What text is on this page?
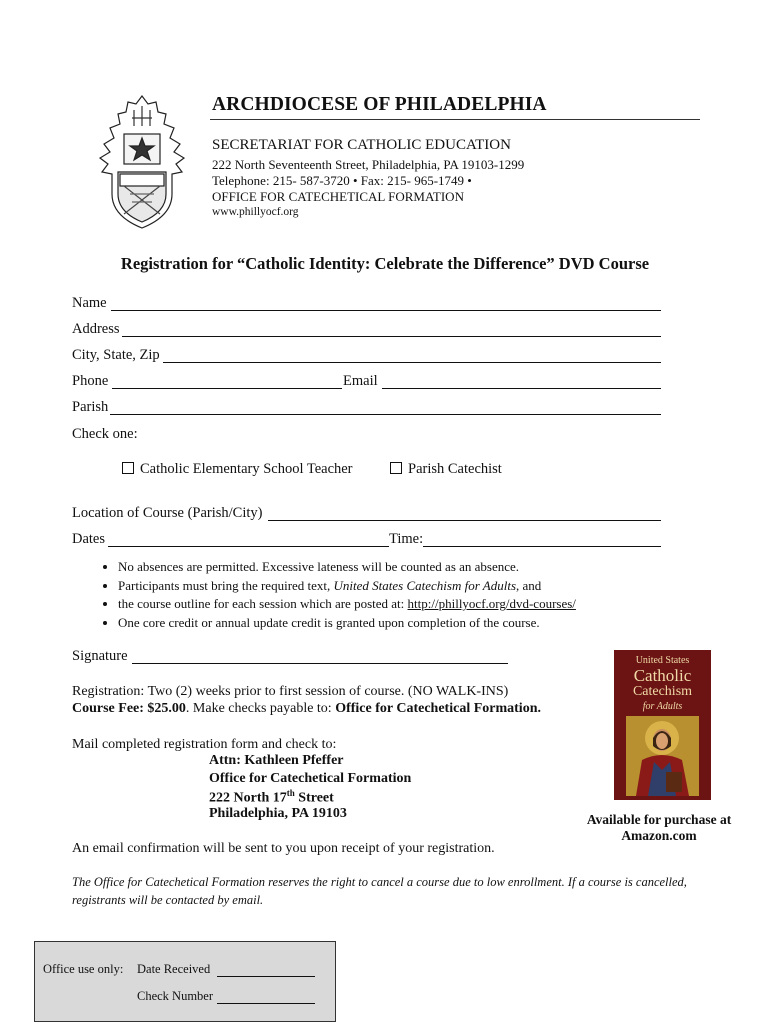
ARCHDIOCESE OF PHILADELPHIA
SECRETARIAT FOR CATHOLIC EDUCATION
222 North Seventeenth Street, Philadelphia, PA 19103-1299
Telephone: 215- 587-3720 • Fax: 215- 965-1749 •
OFFICE FOR CATECHETICAL FORMATION
www.phillyocf.org
Registration for “Catholic Identity: Celebrate the Difference” DVD Course
Name
Address
City, State, Zip
Phone	Email
Parish
Check one:
Catholic Elementary School Teacher	Parish Catechist
Location of Course (Parish/City)
Dates	Time:
• No absences are permitted. Excessive lateness will be counted as an absence.
• Participants must bring the required text, United States Catechism for Adults, and
• the course outline for each session which are posted at: http://phillyocf.org/dvd-courses/
• One core credit or annual update credit is granted upon completion of the course.
Signature
Registration: Two (2) weeks prior to first session of course. (NO WALK-INS)
Course Fee: $25.00. Make checks payable to: Office for Catechetical Formation.
Mail completed registration form and check to:
Attn: Kathleen Pfeffer
Office for Catechetical Formation
222 North 17th Street
Philadelphia, PA 19103
United States
Catholic
Catechism
for Adults
Available for purchase at
Amazon.com
An email confirmation will be sent to you upon receipt of your registration.
The Office for Catechetical Formation reserves the right to cancel a course due to low enrollment. If a course is cancelled,
registrants will be contacted by email.
Office use only: Date Received
Check Number
